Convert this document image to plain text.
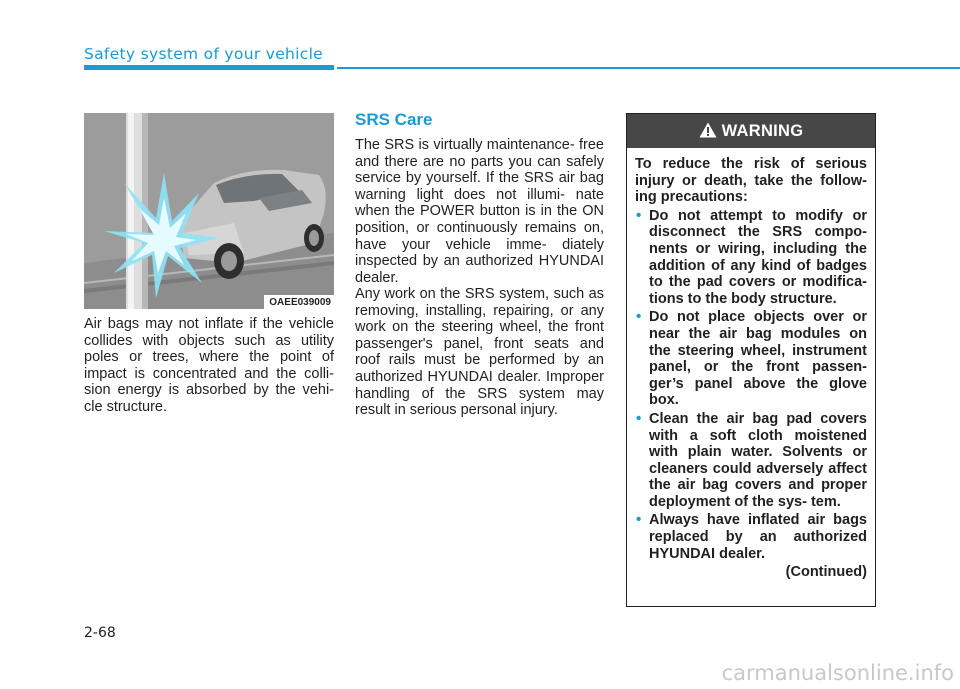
Safety system of your vehicle
OAEE039009

Air bags may not inflate if the vehicle collides with objects such as utility poles or trees, where the point of impact is concentrated and the colli- sion energy is absorbed by the vehi- cle structure.

SRS Care

The SRS is virtually maintenance- free and there are no parts you can safely service by yourself. If the SRS air bag warning light does not illumi- nate when the POWER button is in the ON position, or continuously remains on, have your vehicle imme- diately inspected by an authorized HYUNDAI dealer.

Any work on the SRS system, such as removing, installing, repairing, or any work on the steering wheel, the front passenger's panel, front seats and roof rails must be performed by an authorized HYUNDAI dealer. Improper handling of the SRS system may result in serious personal injury.

WARNING

To reduce the risk of serious injury or death, take the follow- ing precautions:

• Do not attempt to modify or disconnect the SRS compo- nents or wiring, including the addition of any kind of badges to the pad covers or modifica- tions to the body structure.
• Do not place objects over or near the air bag modules on the steering wheel, instrument panel, or the front passen- ger’s panel above the glove box.
• Clean the air bag pad covers with a soft cloth moistened with plain water. Solvents or cleaners could adversely affect the air bag covers and proper deployment of the sys- tem.
• Always have inflated air bags replaced by an authorized HYUNDAI dealer.
(Continued)
2-68
carmanualsonline.info
